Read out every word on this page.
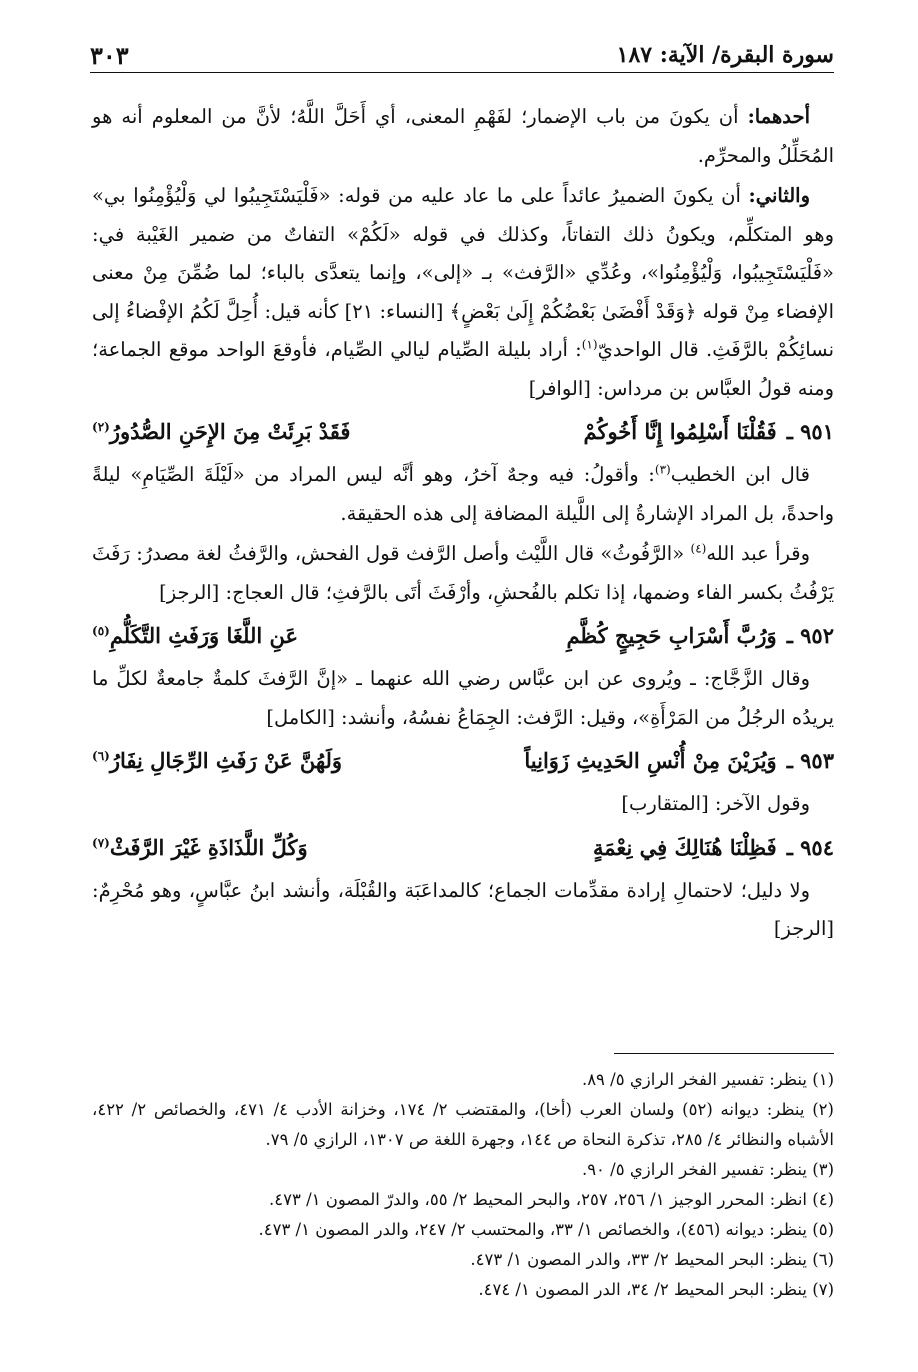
سورة البقرة/ الآية: ١٨٧
٣٠٣

أحدهما: أن يكونَ من باب الإضمار؛ لفَهْمِ المعنى، أي أَحَلَّ اللَّهُ؛ لأنَّ من المعلوم أنه هو المُحَلِّلُ والمحرِّم.

والثاني: أن يكونَ الضميرُ عائداً على ما عاد عليه من قوله: «فَلْيَسْتَجِيبُوا لي وَلْيُؤْمِنُوا بي» وهو المتكلِّم، ويكونُ ذلك التفاتاً، وكذلك في قوله «لَكُمْ» التفاتٌ من ضمير الغَيْبة في: «فَلْيَسْتَجِيبُوا، وَلْيُؤْمِنُوا»، وعُدِّي «الرَّفث» بـ «إلى»، وإنما يتعدَّى بالباء؛ لما ضُمِّنَ مِنْ معنى الإفضاء مِنْ قوله ﴿وَقَدْ أَفْضَىٰ بَعْضُكُمْ إِلَىٰ بَعْضٍ﴾ [النساء: ٢١] كأنه قيل: أُحِلَّ لَكُمُ الإفْضاءُ إلى نسائِكُمْ بالرَّفَثِ. قال الواحديّ$^{(١)}$: أراد بليلة الصِّيام ليالي الصِّيام، فأوقعَ الواحد موقع الجماعة؛ ومنه قولُ العبَّاس بن مرداس: [الوافر]

٩٥١ ـ
فَقُلْنَا أَسْلِمُوا إِنَّا أَخُوكُمْ
فَقَدْ بَرِئَتْ مِنَ الإِحَنِ الصُّدُورُ$^{(٢)}$

قال ابن الخطيب$^{(٣)}$: وأقولُ: فيه وجهٌ آخرُ، وهو أنَّه ليس المراد من «لَيْلَةَ الصِّيَامِ» ليلةً واحدةً، بل المراد الإشارةُ إلى اللَّيلة المضافة إلى هذه الحقيقة.

وقرأ عبد الله$^{(٤)}$ «الرَّفُوثُ» قال اللَّيْث وأصل الرَّفث قول الفحش، والرَّفثُ لغة مصدرُ: رَفَثَ يَرْفُثُ بكسر الفاء وضمها، إذا تكلم بالفُحشِ، وأرْفَثَ أتَى بالرَّفثِ؛ قال العجاج: [الرجز]

٩٥٢ ـ
وَرُبَّ أَسْرَابِ حَجِيجٍ كُظَّمِ
عَنِ اللَّغَا وَرَفَثِ التَّكَلُّمِ$^{(٥)}$

وقال الزَّجَّاج: ـ ويُروى عن ابن عبَّاس رضي الله عنهما ـ «إنَّ الرَّفثَ كلمةٌ جامعةٌ لكلِّ ما يريدُه الرجُلُ من المَرْأَةِ»، وقيل: الرَّفث: الجِمَاعُ نفسُهُ، وأنشد: [الكامل]

٩٥٣ ـ
وَيُرَيْنَ مِنْ أُنْسِ الحَدِيثِ زَوَانِياً
وَلَهُنَّ عَنْ رَفَثِ الرِّجَالِ نِفَارُ$^{(٦)}$

وقول الآخر: [المتقارب]

٩٥٤ ـ
فَظِلْنَا هُنَالِكَ فِي نِعْمَةٍ
وَكُلِّ اللَّذَاذَةِ غَيْرَ الرَّفَثْ$^{(٧)}$

ولا دليل؛ لاحتمالِ إرادة مقدِّمات الجماع؛ كالمداعَبَة والقُبْلَة، وأنشد ابنُ عبَّاسٍ، وهو مُحْرِمٌ: [الرجز]

(١) ينظر: تفسير الفخر الرازي ٥/ ٨٩.

(٢) ينظر: ديوانه (٥٢) ولسان العرب (أخا)، والمقتضب ٢/ ١٧٤، وخزانة الأدب ٤/ ٤٧١، والخصائص ٢/ ٤٢٢، الأشباه والنظائر ٤/ ٢٨٥، تذكرة النحاة ص ١٤٤، وجهرة اللغة ص ١٣٠٧، الرازي ٥/ ٧٩.

(٣) ينظر: تفسير الفخر الرازي ٥/ ٩٠.

(٤) انظر: المحرر الوجيز ١/ ٢٥٦، ٢٥٧، والبحر المحيط ٢/ ٥٥، والدرّ المصون ١/ ٤٧٣.

(٥) ينظر: ديوانه (٤٥٦)، والخصائص ١/ ٣٣، والمحتسب ٢/ ٢٤٧، والدر المصون ١/ ٤٧٣.

(٦) ينظر: البحر المحيط ٢/ ٣٣، والدر المصون ١/ ٤٧٣.

(٧) ينظر: البحر المحيط ٢/ ٣٤، الدر المصون ١/ ٤٧٤.
